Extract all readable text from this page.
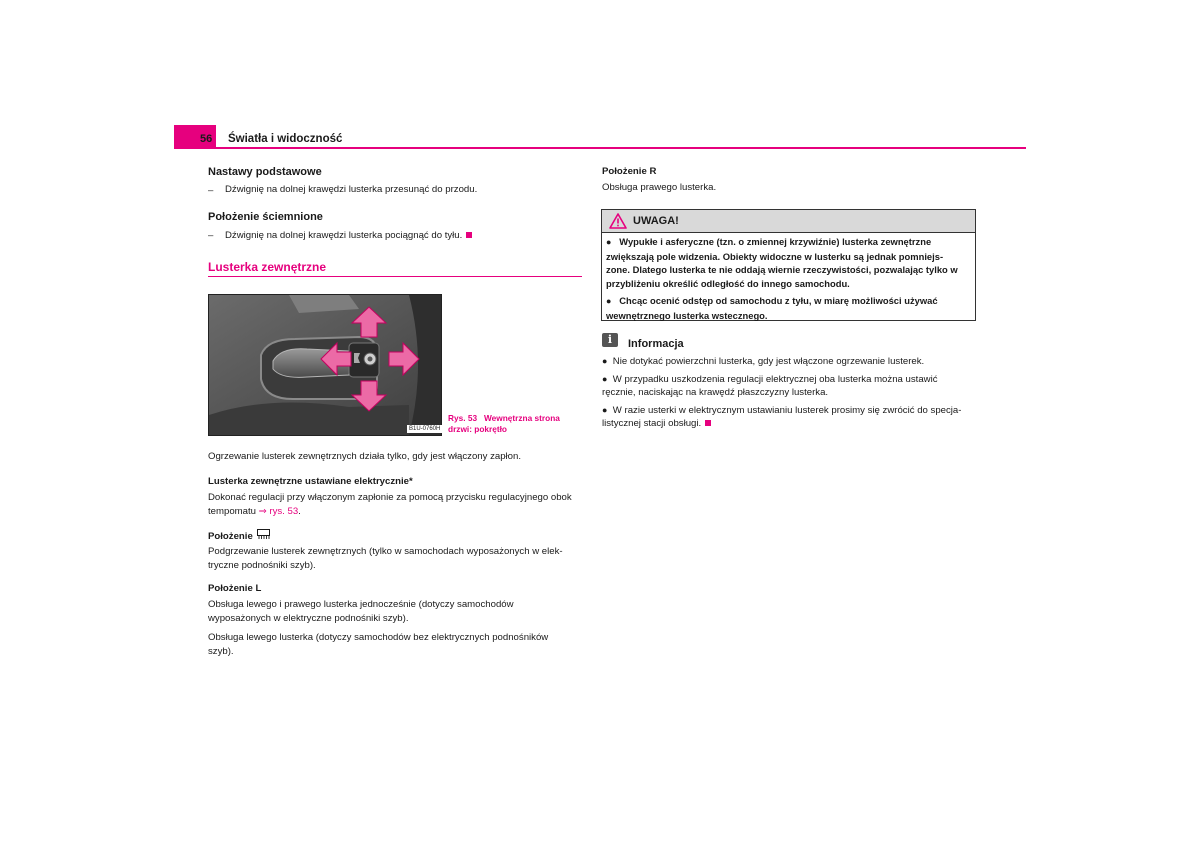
56 Światła i widoczność
Nastawy podstawowe
– Dźwignię na dolnej krawędzi lusterka przesunąć do przodu.
Położenie ściemnione
– Dźwignię na dolnej krawędzi lusterka pociągnąć do tyłu.
Lusterka zewnętrzne
B1U-0760H
Rys. 53   Wewnętrzna strona
drzwi: pokrętło
Ogrzewanie lusterek zewnętrznych działa tylko, gdy jest włączony zapłon.
Lusterka zewnętrzne ustawiane elektrycznie*
Dokonać regulacji przy włączonym zapłonie za pomocą przycisku regulacyjnego obok
tempomatu ⇒ rys. 53.
Położenie
Podgrzewanie lusterek zewnętrznych (tylko w samochodach wyposażonych w elek-
tryczne podnośniki szyb).
Położenie L
Obsługa lewego i prawego lusterka jednocześnie (dotyczy samochodów
wyposażonych w elektryczne podnośniki szyb).
Obsługa lewego lusterka (dotyczy samochodów bez elektrycznych podnośników
szyb).
Położenie R
Obsługa prawego lusterka.
UWAGA!
● Wypukłe i asferyczne (tzn. o zmiennej krzywiźnie) lusterka zewnętrzne
zwiększają pole widzenia. Obiekty widoczne w lusterku są jednak pomniejs-
zone. Dlatego lusterka te nie oddają wiernie rzeczywistości, pozwalając tylko w
przybliżeniu określić odległość do innego samochodu.
● Chcąc ocenić odstęp od samochodu z tyłu, w miarę możliwości używać
wewnętrznego lusterka wstecznego.
i	Informacja
● Nie dotykać powierzchni lusterka, gdy jest włączone ogrzewanie lusterek.
● W przypadku uszkodzenia regulacji elektrycznej oba lusterka można ustawić
ręcznie, naciskając na krawędź płaszczyzny lusterka.
● W razie usterki w elektrycznym ustawianiu lusterek prosimy się zwrócić do specja-
listycznej stacji obsługi.
